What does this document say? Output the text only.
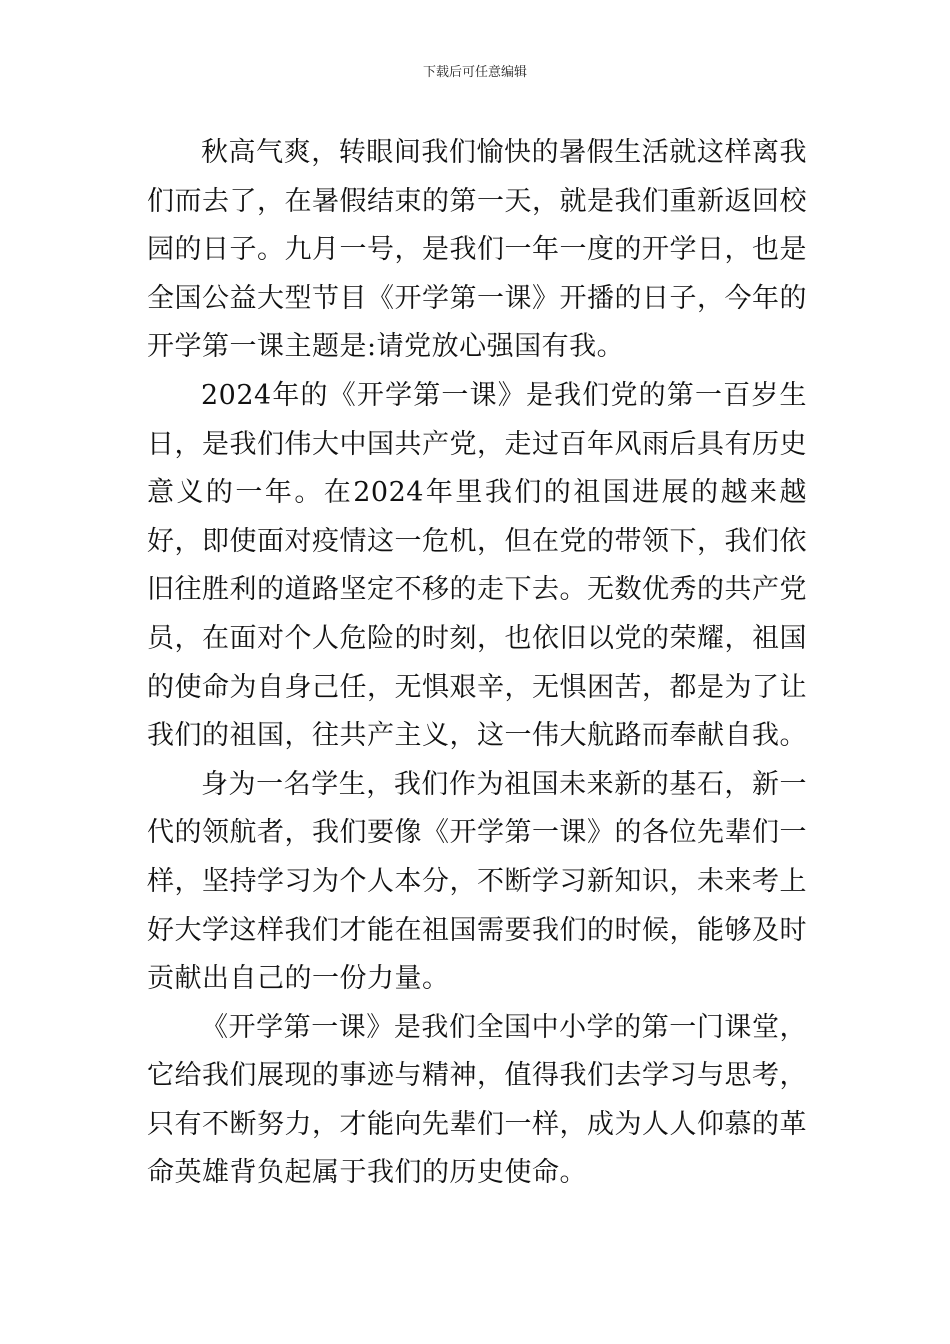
下载后可任意编辑

秋高气爽，转眼间我们愉快的暑假生活就这样离我们而去了，在暑假结束的第一天，就是我们重新返回校园的日子。九月一号，是我们一年一度的开学日，也是全国公益大型节目《开学第一课》开播的日子，今年的开学第一课主题是:请党放心强国有我。

2024年的《开学第一课》是我们党的第一百岁生日，是我们伟大中国共产党，走过百年风雨后具有历史意义的一年。在2024年里我们的祖国进展的越来越好，即使面对疫情这一危机，但在党的带领下，我们依旧往胜利的道路坚定不移的走下去。无数优秀的共产党员，在面对个人危险的时刻，也依旧以党的荣耀，祖国的使命为自身己任，无惧艰辛，无惧困苦，都是为了让我们的祖国，往共产主义，这一伟大航路而奉献自我。

身为一名学生，我们作为祖国未来新的基石，新一代的领航者，我们要像《开学第一课》的各位先辈们一样，坚持学习为个人本分，不断学习新知识，未来考上好大学这样我们才能在祖国需要我们的时候，能够及时贡献出自己的一份力量。

《开学第一课》是我们全国中小学的第一门课堂，它给我们展现的事迹与精神，值得我们去学习与思考，只有不断努力，才能向先辈们一样，成为人人仰慕的革命英雄背负起属于我们的历史使命。
